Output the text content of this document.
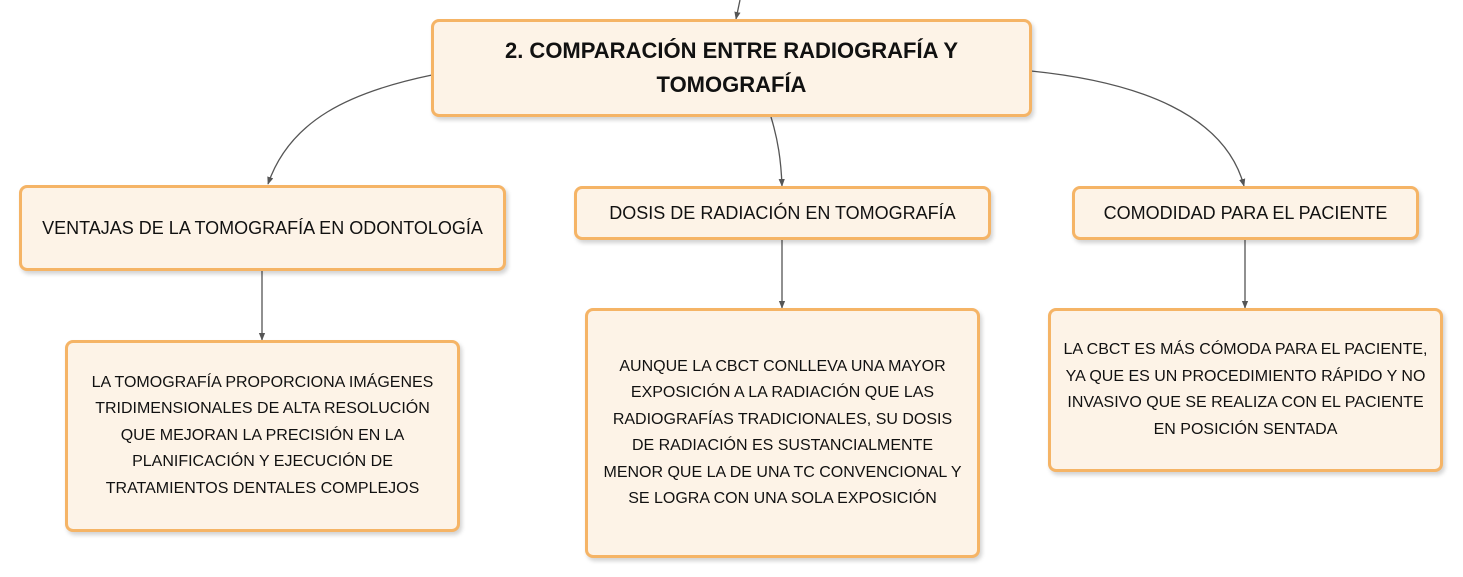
2. COMPARACIÓN ENTRE RADIOGRAFÍA Y TOMOGRAFÍA
VENTAJAS DE LA TOMOGRAFÍA EN ODONTOLOGÍA
DOSIS DE RADIACIÓN EN TOMOGRAFÍA	COMODIDAD PARA EL PACIENTE
LA TOMOGRAFÍA PROPORCIONA IMÁGENES TRIDIMENSIONALES DE ALTA RESOLUCIÓN QUE MEJORAN LA PRECISIÓN EN LA PLANIFICACIÓN Y EJECUCIÓN DE TRATAMIENTOS DENTALES COMPLEJOS
AUNQUE LA CBCT CONLLEVA UNA MAYOR EXPOSICIÓN A LA RADIACIÓN QUE LAS RADIOGRAFÍAS TRADICIONALES, SU DOSIS DE RADIACIÓN ES SUSTANCIALMENTE MENOR QUE LA DE UNA TC CONVENCIONAL Y SE LOGRA CON UNA SOLA EXPOSICIÓN
LA CBCT ES MÁS CÓMODA PARA EL PACIENTE, YA QUE ES UN PROCEDIMIENTO RÁPIDO Y NO INVASIVO QUE SE REALIZA CON EL PACIENTE EN POSICIÓN SENTADA
